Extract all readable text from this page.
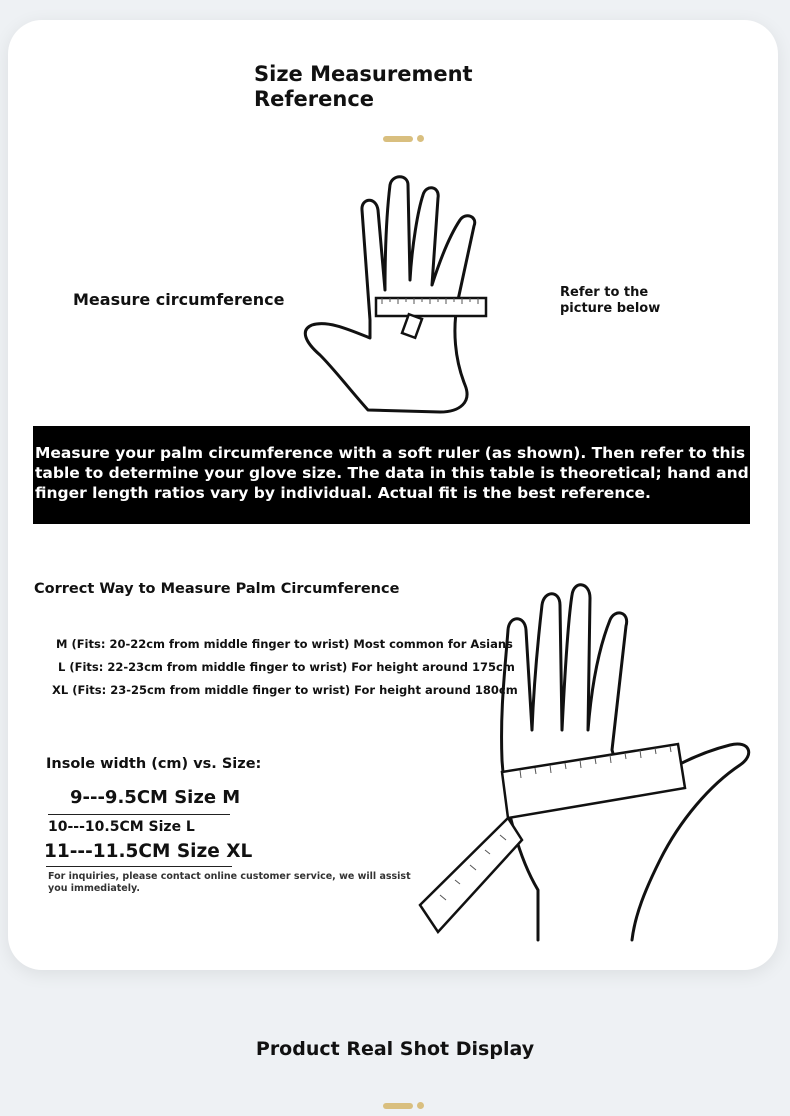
Size Measurement Reference
Measure circumference	Refer to the picture below
Measure your palm circumference with a soft ruler (as shown). Then refer to this table to determine your glove size. The data in this table is theoretical; hand and finger length ratios vary by individual. Actual fit is the best reference.
Correct Way to Measure Palm Circumference
M (Fits: 20-22cm from middle finger to wrist) Most common for Asians
L (Fits: 22-23cm from middle finger to wrist) For height around 175cm
XL (Fits: 23-25cm from middle finger to wrist) For height around 180cm
Insole width (cm) vs. Size:
9---9.5CM Size M
10---10.5CM Size L
11---11.5CM Size XL
For inquiries, please contact online customer service, we will assist you immediately.
Product Real Shot Display
